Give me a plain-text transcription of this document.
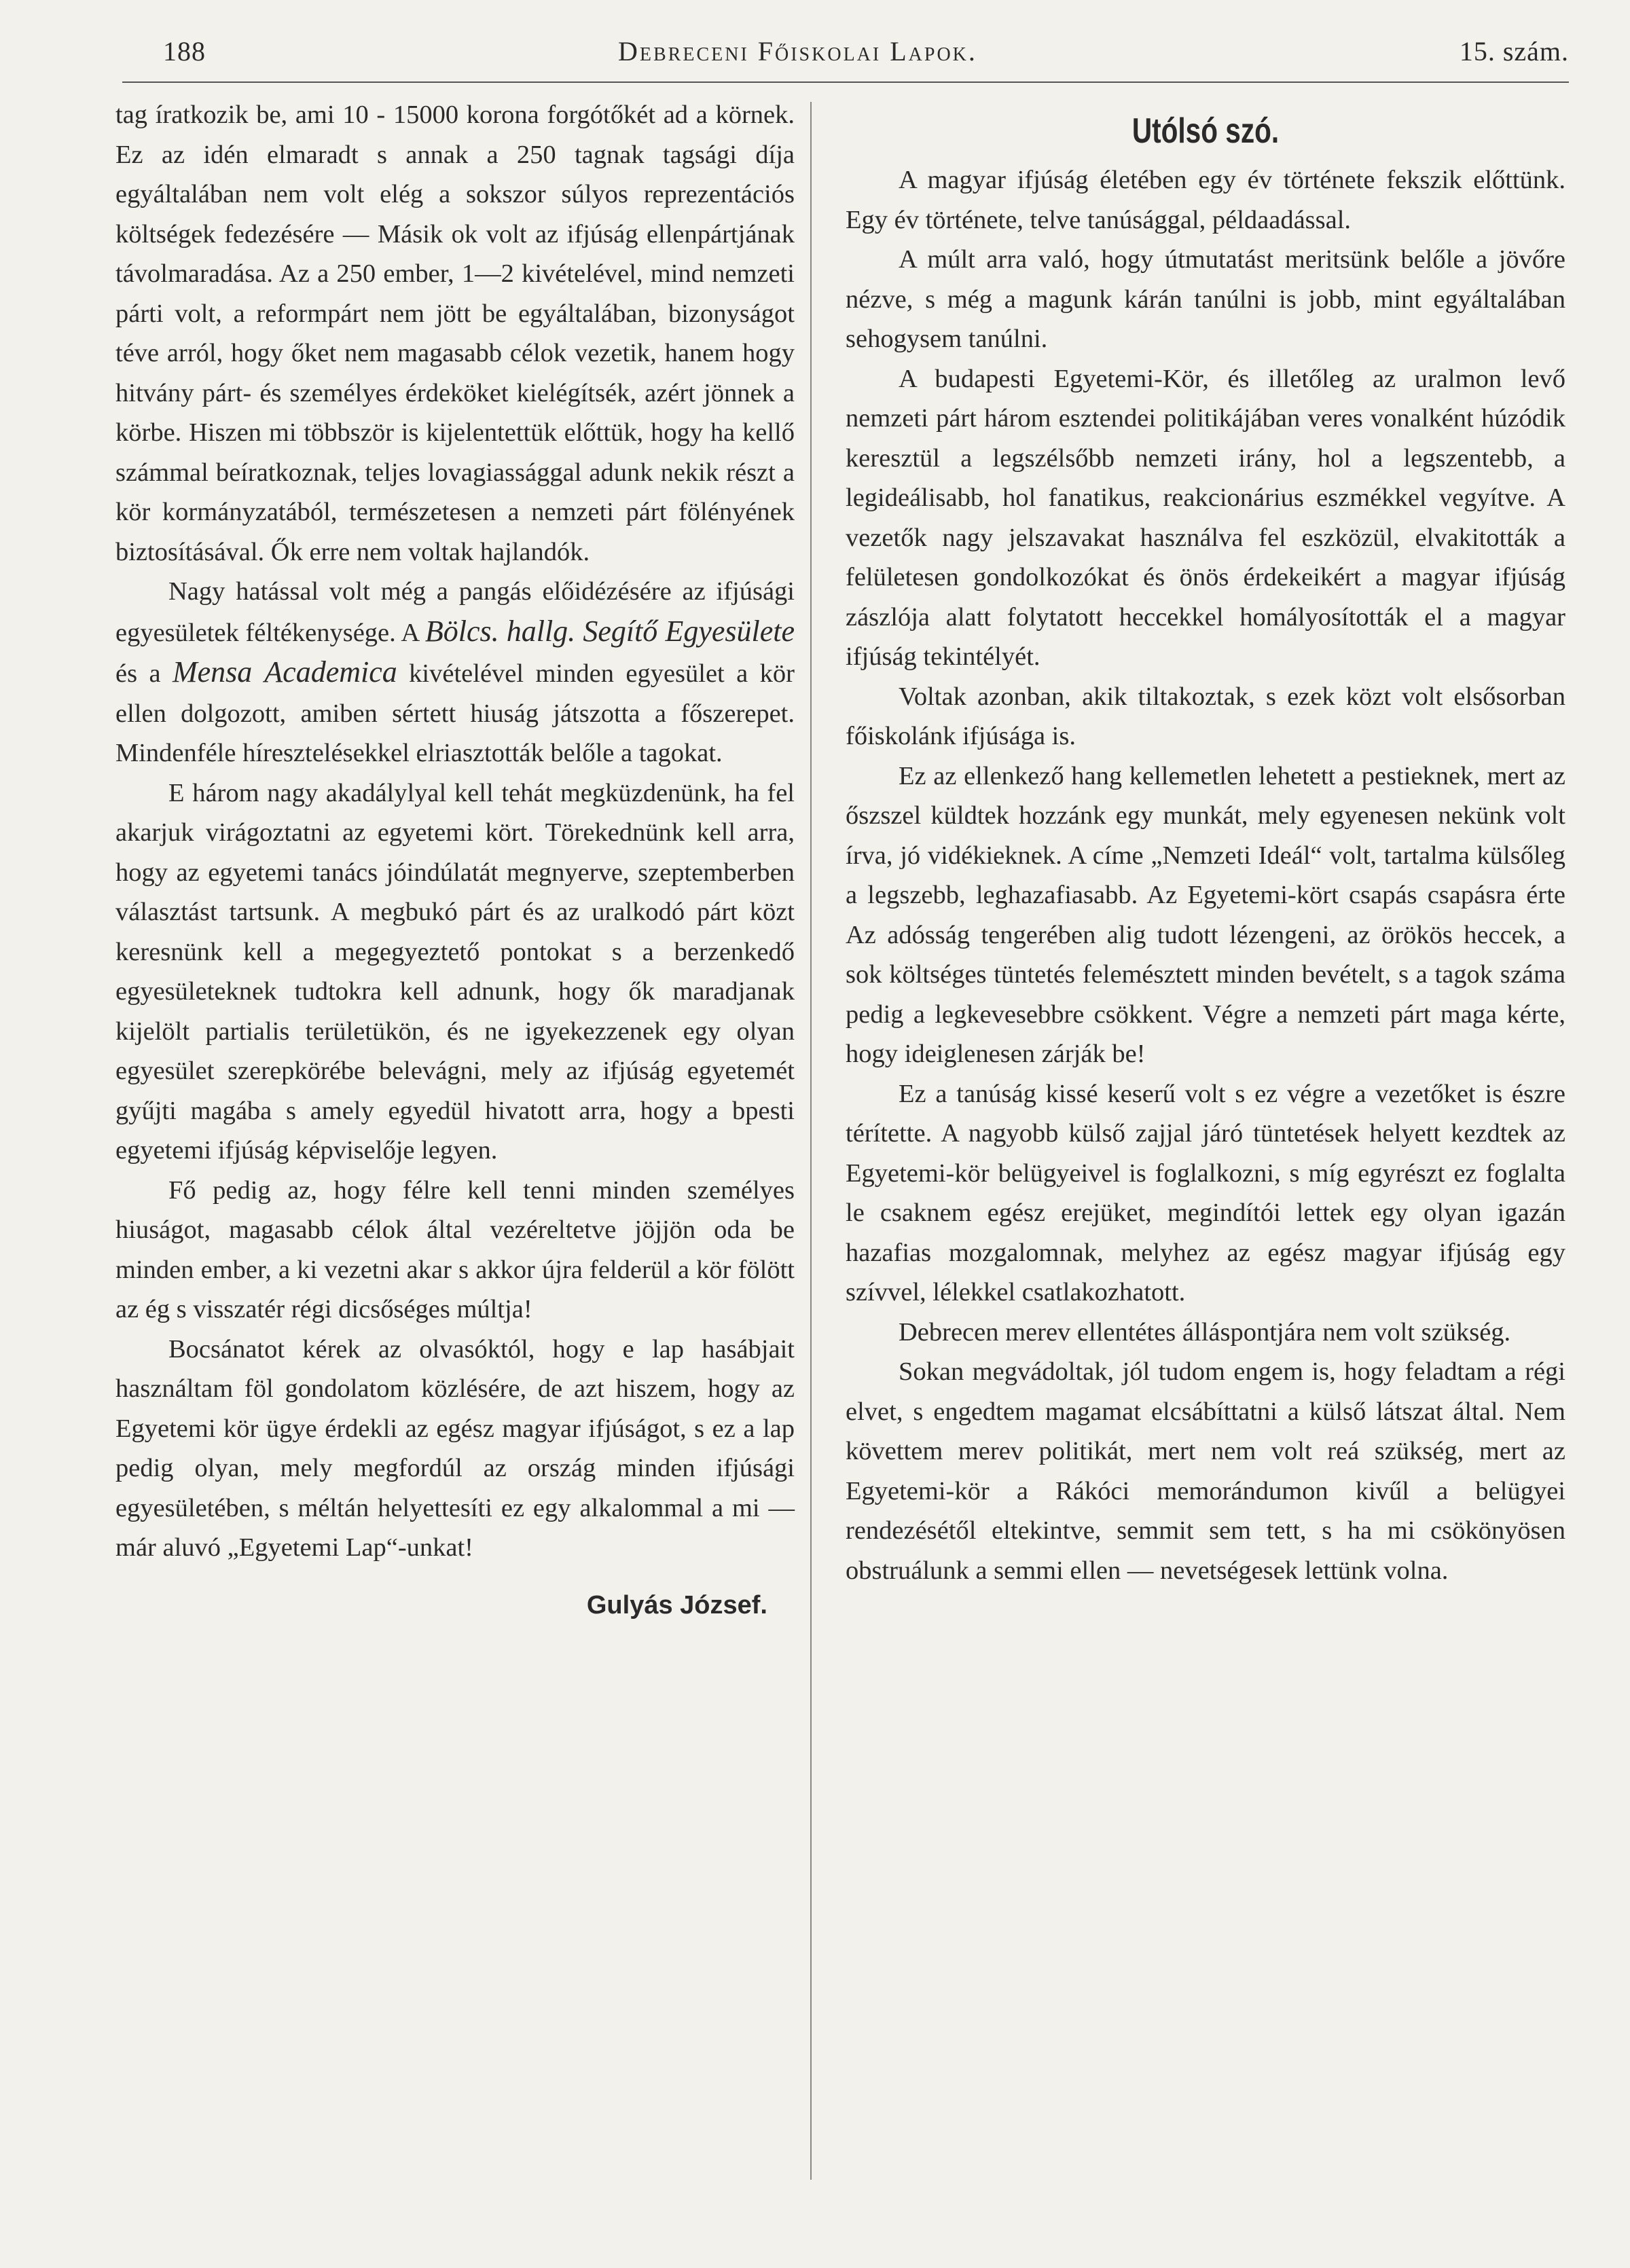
188	Debreceni Főiskolai Lapok.	15. szám.

tag íratkozik be, ami 10 - 15000 korona forgótőkét ad a körnek. Ez az idén elmaradt s annak a 250 tagnak tagsági díja egyáltalában nem volt elég a sokszor súlyos reprezentációs költségek fedezésére — Másik ok volt az ifjúság ellenpártjának távolmaradása. Az a 250 ember, 1—2 kivételével, mind nemzeti párti volt, a reformpárt nem jött be egyáltalában, bizonyságot téve arról, hogy őket nem magasabb célok vezetik, hanem hogy hitvány párt- és személyes érdeköket kielégítsék, azért jönnek a körbe. Hiszen mi többször is kijelentettük előttük, hogy ha kellő számmal beíratkoznak, teljes lovagiassággal adunk nekik részt a kör kormányzatából, természetesen a nemzeti párt fölényének biztosításával. Ők erre nem voltak hajlandók.

Nagy hatással volt még a pangás előidézésére az ifjúsági egyesületek féltékenysége. A Bölcs. hallg. Segítő Egyesülete és a Mensa Academica kivételével minden egyesület a kör ellen dolgozott, amiben sértett hiuság játszotta a főszerepet. Mindenféle híresztelésekkel elriasztották belőle a tagokat.

E három nagy akadálylyal kell tehát megküzdenünk, ha fel akarjuk virágoztatni az egyetemi kört. Törekednünk kell arra, hogy az egyetemi tanács jóindúlatát megnyerve, szeptemberben választást tartsunk. A megbukó párt és az uralkodó párt közt keresnünk kell a megegyeztető pontokat s a berzenkedő egyesületeknek tudtokra kell adnunk, hogy ők maradjanak kijelölt partialis területükön, és ne igyekezzenek egy olyan egyesület szerepkörébe belevágni, mely az ifjúság egyetemét gyűjti magába s amely egyedül hivatott arra, hogy a bpesti egyetemi ifjúság képviselője legyen.

Fő pedig az, hogy félre kell tenni minden személyes hiuságot, magasabb célok által vezéreltetve jöjjön oda be minden ember, a ki vezetni akar s akkor újra felderül a kör fölött az ég s visszatér régi dicsőséges múltja!

Bocsánatot kérek az olvasóktól, hogy e lap hasábjait használtam föl gondolatom közlésére, de azt hiszem, hogy az Egyetemi kör ügye érdekli az egész magyar ifjúságot, s ez a lap pedig olyan, mely megfordúl az ország minden ifjúsági egyesületében, s méltán helyettesíti ez egy alkalommal a mi — már aluvó „Egyetemi Lap“-unkat!

Gulyás József.
Utólsó szó.

A magyar ifjúság életében egy év története fekszik előttünk. Egy év története, telve tanúsággal, példaadással.

A múlt arra való, hogy útmutatást meritsünk belőle a jövőre nézve, s még a magunk kárán tanúlni is jobb, mint egyáltalában sehogysem tanúlni.

A budapesti Egyetemi-Kör, és illetőleg az uralmon levő nemzeti párt három esztendei politikájában veres vonalként húzódik keresztül a legszélsőbb nemzeti irány, hol a legszentebb, a legideálisabb, hol fanatikus, reakcionárius eszmékkel vegyítve. A vezetők nagy jelszavakat használva fel eszközül, elvakitották a felületesen gondolkozókat és önös érdekeikért a magyar ifjúság zászlója alatt folytatott heccekkel homályosították el a magyar ifjúság tekintélyét.

Voltak azonban, akik tiltakoztak, s ezek közt volt elsősorban főiskolánk ifjúsága is.

Ez az ellenkező hang kellemetlen lehetett a pestieknek, mert az őszszel küldtek hozzánk egy munkát, mely egyenesen nekünk volt írva, jó vidékieknek. A címe „Nemzeti Ideál“ volt, tartalma külsőleg a legszebb, leghazafiasabb. Az Egyetemi-kört csapás csapásra érte Az adósság tengerében alig tudott lézengeni, az örökös heccek, a sok költséges tüntetés felemésztett minden bevételt, s a tagok száma pedig a legkevesebbre csökkent. Végre a nemzeti párt maga kérte, hogy ideiglenesen zárják be!

Ez a tanúság kissé keserű volt s ez végre a vezetőket is észre térítette. A nagyobb külső zajjal járó tüntetések helyett kezdtek az Egyetemi-kör belügyeivel is foglalkozni, s míg egyrészt ez foglalta le csaknem egész erejüket, megindítói lettek egy olyan igazán hazafias mozgalomnak, melyhez az egész magyar ifjúság egy szívvel, lélekkel csatlakozhatott.

Debrecen merev ellentétes álláspontjára nem volt szükség.

Sokan megvádoltak, jól tudom engem is, hogy feladtam a régi elvet, s engedtem magamat elcsábíttatni a külső látszat által. Nem követtem merev politikát, mert nem volt reá szükség, mert az Egyetemi-kör a Rákóci memorándumon kivűl a belügyei rendezésétől eltekintve, semmit sem tett, s ha mi csökönyösen obstruálunk a semmi ellen — nevetségesek lettünk volna.
